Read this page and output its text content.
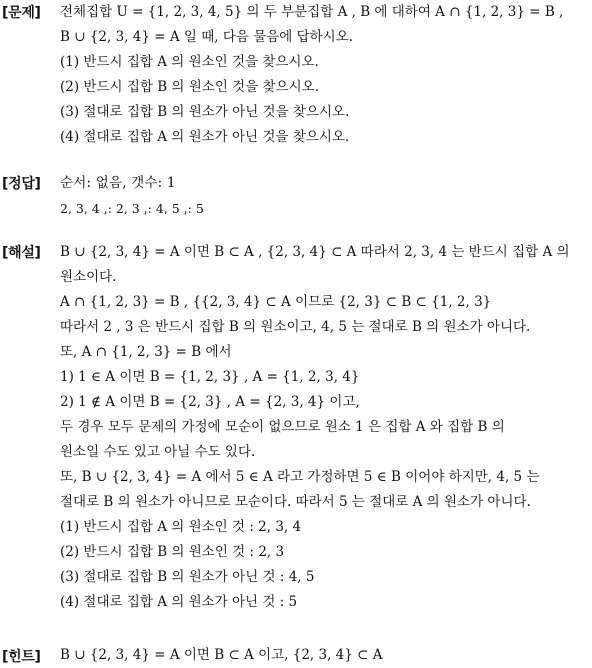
[문제] 전체집합 U = {1, 2, 3, 4, 5} 의 두 부분집합 A , B 에 대하여 A ∩ {1, 2, 3} = B ,
B ∪ {2, 3, 4} = A 일 때, 다음 물음에 답하시오.
(1) 반드시 집합 A 의 원소인 것을 찾으시오.
(2) 반드시 집합 B 의 원소인 것을 찾으시오.
(3) 절대로 집합 B 의 원소가 아닌 것을 찾으시오.
(4) 절대로 집합 A 의 원소가 아닌 것을 찾으시오.
[정답] 순서: 없음, 갯수: 1
2, 3, 4 ,: 2, 3 ,: 4, 5 ,: 5
[해설] B ∪ {2, 3, 4} = A 이면 B ⊂ A , {2, 3, 4} ⊂ A 따라서 2, 3, 4 는 반드시 집합 A 의
원소이다.
A ∩ {1, 2, 3} = B , {{2, 3, 4} ⊂ A 이므로 {2, 3} ⊂ B ⊂ {1, 2, 3}
따라서 2 , 3 은 반드시 집합 B 의 원소이고, 4, 5 는 절대로 B 의 원소가 아니다.
또, A ∩ {1, 2, 3} = B 에서
1) 1 ∈ A 이면 B = {1, 2, 3} , A = {1, 2, 3, 4}
2) 1 ∉ A 이면 B = {2, 3} , A = {2, 3, 4} 이고,
두 경우 모두 문제의 가정에 모순이 없으므로 원소 1 은 집합 A 와 집합 B 의
원소일 수도 있고 아닐 수도 있다.
또, B ∪ {2, 3, 4} = A 에서 5 ∈ A 라고 가정하면 5 ∈ B 이어야 하지만, 4, 5 는
절대로 B 의 원소가 아니므로 모순이다. 따라서 5 는 절대로 A 의 원소가 아니다.
(1) 반드시 집합 A 의 원소인 것 : 2, 3, 4
(2) 반드시 집합 B 의 원소인 것 : 2, 3
(3) 절대로 집합 B 의 원소가 아닌 것 : 4, 5
(4) 절대로 집합 A 의 원소가 아닌 것 : 5
[힌트] B ∪ {2, 3, 4} = A 이면 B ⊂ A 이고, {2, 3, 4} ⊂ A
